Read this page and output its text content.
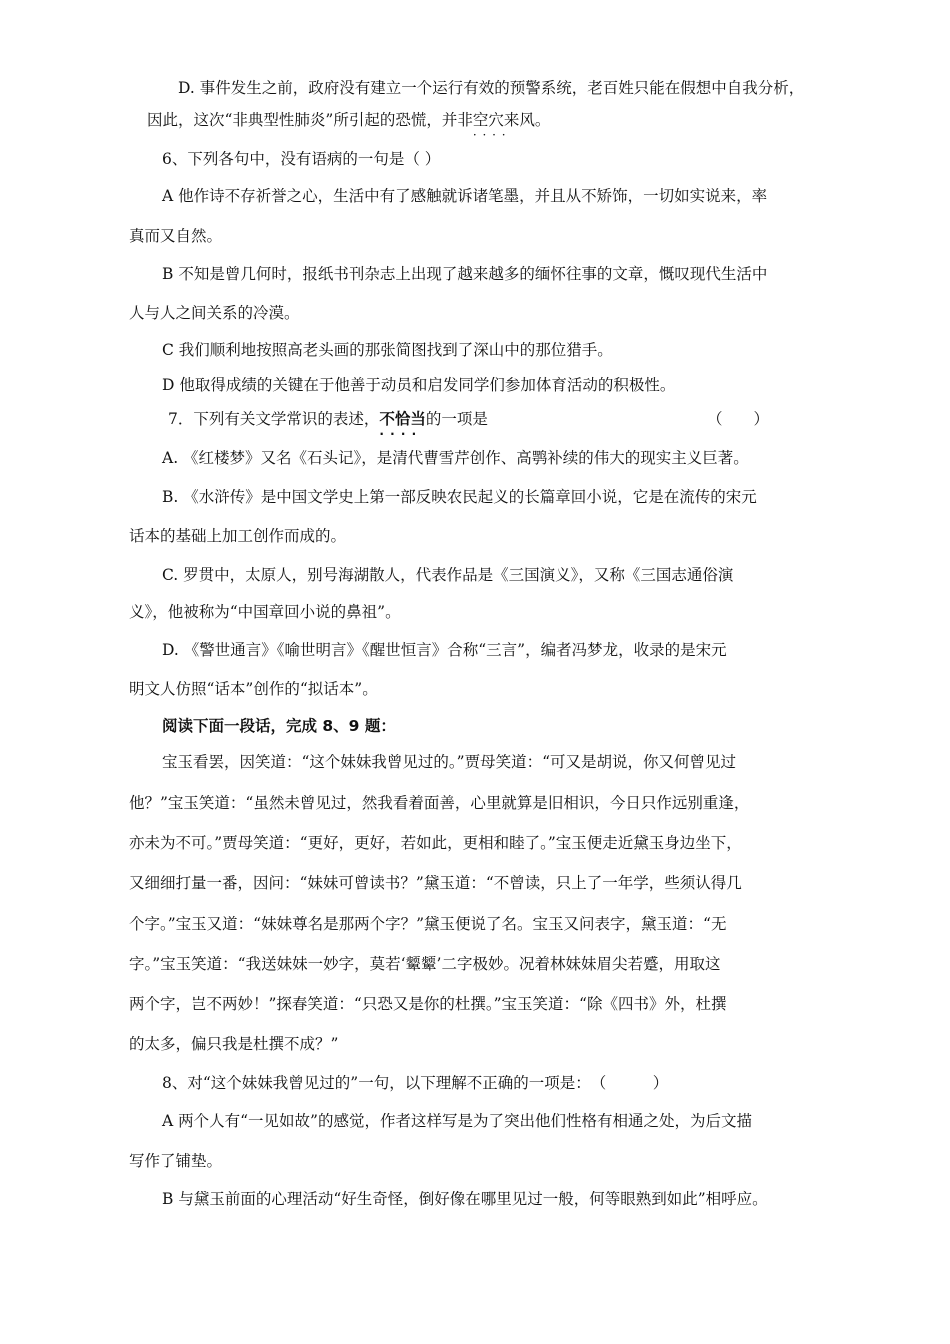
D. 事件发生之前，政府没有建立一个运行有效的预警系统，老百姓只能在假想中自我分析，
因此，这次“非典型性肺炎”所引起的恐慌，并非空穴来风 · · · ·。
6、下列各句中，没有语病的一句是（ ）
A 他作诗不存祈誉之心，生活中有了感触就诉诸笔墨，并且从不矫饰，一切如实说来，率
真而又自然。
B 不知是曾几何时，报纸书刊杂志上出现了越来越多的缅怀往事的文章，慨叹现代生活中
人与人之间关系的冷漠。
C 我们顺利地按照高老头画的那张简图找到了深山中的那位猎手。
D 他取得成绩的关键在于他善于动员和启发同学们参加体育活动的积极性。
7．下列有关文学常识的表述，不恰当 · · · ·的一项是	（　　）
A. 《红楼梦》又名《石头记》，是清代曹雪芹创作、高鹗补续的伟大的现实主义巨著。
B. 《水浒传》是中国文学史上第一部反映农民起义的长篇章回小说，它是在流传的宋元
话本的基础上加工创作而成的。
C. 罗贯中，太原人，别号海湖散人，代表作品是《三国演义》，又称《三国志通俗演
义》，他被称为“中国章回小说的鼻祖”。
D. 《警世通言》《喻世明言》《醒世恒言》合称“三言”，编者冯梦龙，收录的是宋元
明文人仿照“话本”创作的“拟话本”。
阅读下面一段话，完成 8、9 题：
宝玉看罢，因笑道：“这个妹妹我曾见过的。”贾母笑道：“可又是胡说，你又何曾见过
他？”宝玉笑道：“虽然未曾见过，然我看着面善，心里就算是旧相识，今日只作远别重逢，
亦未为不可。”贾母笑道：“更好，更好，若如此，更相和睦了。”宝玉便走近黛玉身边坐下，
又细细打量一番，因问：“妹妹可曾读书？”黛玉道：“不曾读，只上了一年学，些须认得几
个字。”宝玉又道：“妹妹尊名是那两个字？”黛玉便说了名。宝玉又问表字，黛玉道：“无
字。”宝玉笑道：“我送妹妹一妙字，莫若‘颦颦’二字极妙。况着林妹妹眉尖若蹙，用取这
两个字，岂不两妙！”探春笑道：“只恐又是你的杜撰。”宝玉笑道：“除《四书》外，杜撰
的太多，偏只我是杜撰不成？”
8、对“这个妹妹我曾见过的”一句，以下理解不正确的一项是：　（　　　）
A 两个人有“一见如故”的感觉，作者这样写是为了突出他们性格有相通之处，为后文描
写作了铺垫。
B 与黛玉前面的心理活动“好生奇怪，倒好像在哪里见过一般，何等眼熟到如此”相呼应。
